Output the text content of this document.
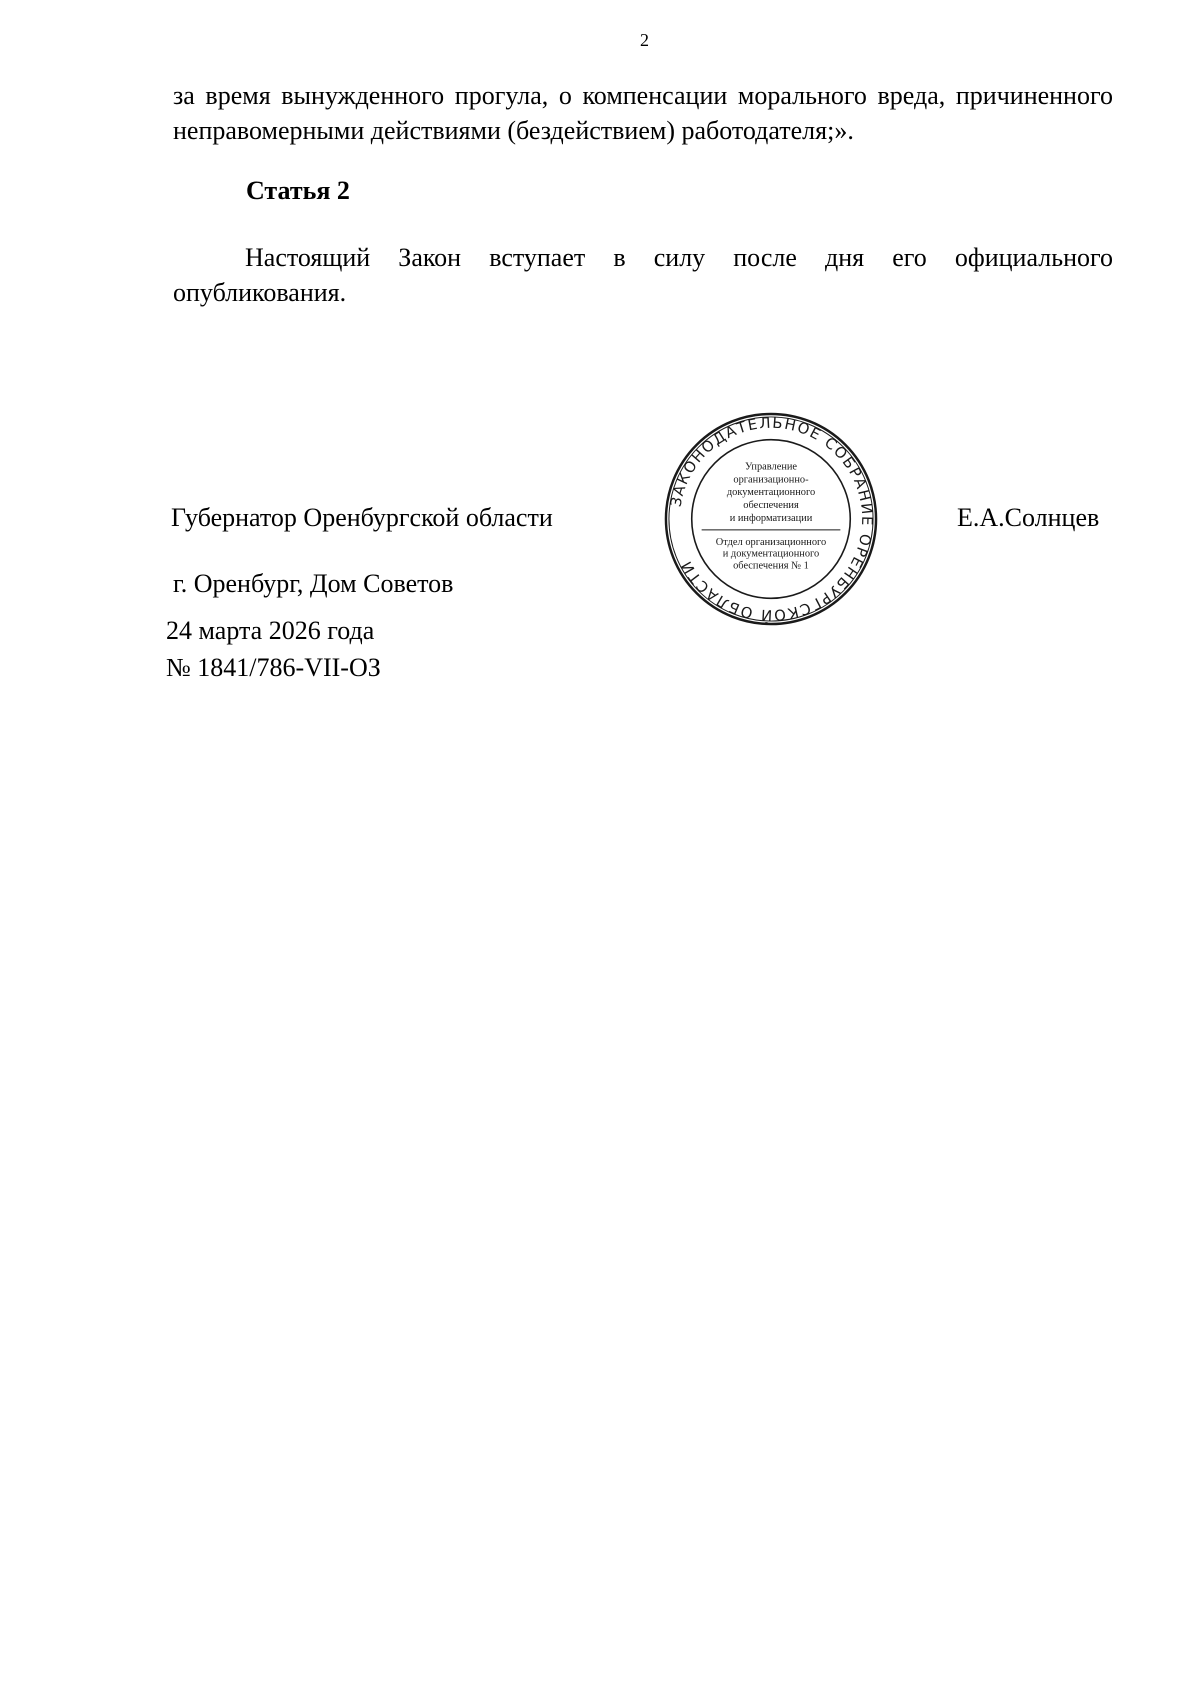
2

за время вынужденного прогула, о компенсации морального вреда, причиненного неправомерными действиями (бездействием) работодателя;».

Статья 2

Настоящий Закон вступает в силу после дня его официального опубликования.

Губернатор Оренбургской области	Е.А.Солнцев
г. Оренбург, Дом Советов
24 марта 2026 года
№ 1841/786-VII-ОЗ
ЗАКОНОДАТЕЛЬНОЕ СОБРАНИЕ ОРЕНБУРГСКОЙ ОБЛАСТИ
Управление
организационно-
документационного
обеспечения
и информатизации
Отдел организационного
и документационного
обеспечения № 1
